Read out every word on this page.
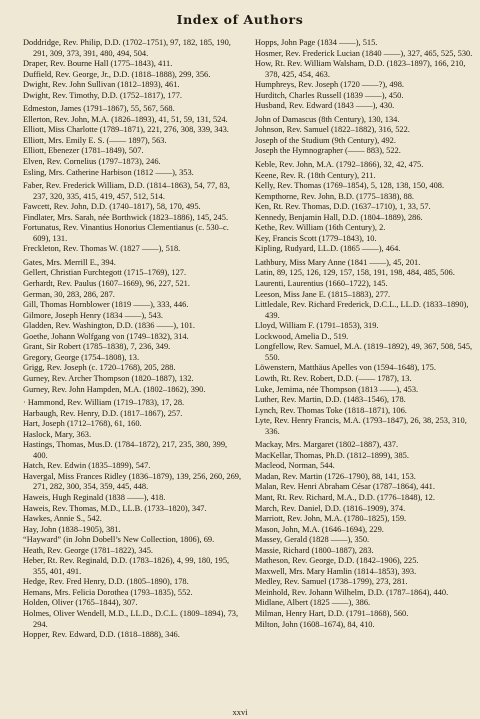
Index of Authors

Doddridge, Rev. Philip, D.D. (1702–1751), 97, 182, 185, 190, 291, 309, 373, 391, 480, 494, 504.

Draper, Rev. Bourne Hall (1775–1843), 411.

Duffield, Rev. George, Jr., D.D. (1818–1888), 299, 356.

Dwight, Rev. John Sullivan (1812–1893), 461.

Dwight, Rev. Timothy, D.D. (1752–1817), 177.

Edmeston, James (1791–1867), 55, 567, 568.

Ellerton, Rev. John, M.A. (1826–1893), 41, 51, 59, 131, 524.

Elliott, Miss Charlotte (1789–1871), 221, 276, 308, 339, 343.

Elliott, Mrs. Emily E. S. (—— 1897), 563.

Elliott, Ebenezer (1781–1849), 507.

Elven, Rev. Cornelius (1797–1873), 246.

Esling, Mrs. Catherine Harbison (1812 ——), 353.

Faber, Rev. Frederick William, D.D. (1814–1863), 54, 77, 83, 237, 320, 335, 415, 419, 457, 512, 514.

Fawcett, Rev. John, D.D. (1740–1817), 58, 170, 495.

Findlater, Mrs. Sarah, née Borthwick (1823–1886), 145, 245.

Fortunatus, Rev. Vinantius Honorius Clementianus (c. 530–c. 609), 131.

Freckleton, Rev. Thomas W. (1827 ——), 518.

Gates, Mrs. Merrill E., 394.

Gellert, Christian Furchtegott (1715–1769), 127.

Gerhardt, Rev. Paulus (1607–1669), 96, 227, 521.

German, 30, 283, 286, 287.

Gill, Thomas Hornblower (1819 ——), 333, 446.

Gilmore, Joseph Henry (1834 ——), 543.

Gladden, Rev. Washington, D.D. (1836 ——), 101.

Goethe, Johann Wolfgang von (1749–1832), 314.

Grant, Sir Robert (1785–1838), 7, 236, 349.

Gregory, George (1754–1808), 13.

Grigg, Rev. Joseph (c. 1720–1768), 205, 288.

Gurney, Rev. Archer Thompson (1820–1887), 132.

Gurney, Rev. John Hampden, M.A. (1802–1862), 390.

· Hammond, Rev. William (1719–1783), 17, 28.

Harbaugh, Rev. Henry, D.D. (1817–1867), 257.

Hart, Joseph (1712–1768), 61, 160.

Haslock, Mary, 363.

Hastings, Thomas, Mus.D. (1784–1872), 217, 235, 380, 399, 400.

Hatch, Rev. Edwin (1835–1899), 547.

Havergal, Miss Frances Ridley (1836–1879), 139, 256, 260, 269, 271, 282, 300, 354, 359, 445, 448.

Haweis, Hugh Reginald (1838 ——), 418.

Haweis, Rev. Thomas, M.D., LL.B. (1733–1820), 347.

Hawkes, Annie S., 542.

Hay, John (1838–1905), 381.

“Hayward” (in John Dobell’s New Collection, 1806), 69.

Heath, Rev. George (1781–1822), 345.

Heber, Rt. Rev. Reginald, D.D. (1783–1826), 4, 99, 180, 195, 355, 401, 491.

Hedge, Rev. Fred Henry, D.D. (1805–1890), 178.

Hemans, Mrs. Felicia Dorothea (1793–1835), 552.

Holden, Oliver (1765–1844), 307.

Holmes, Oliver Wendell, M.D., LL.D., D.C.L. (1809–1894), 73, 294.

Hopper, Rev. Edward, D.D. (1818–1888), 346.

Hopps, John Page (1834 ——), 515.

Hosmer, Rev. Frederick Lucian (1840 ——), 327, 465, 525, 530.

How, Rt. Rev. William Walsham, D.D. (1823–1897), 166, 210, 378, 425, 454, 463.

Humphreys, Rev. Joseph (1720 ——?), 498.

Hurditch, Charles Russell (1839 ——), 450.

Husband, Rev. Edward (1843 ——), 430.

John of Damascus (8th Century), 130, 134.

Johnson, Rev. Samuel (1822–1882), 316, 522.

Joseph of the Studium (9th Century), 492.

Joseph the Hymnographer (—— 883), 522.

Keble, Rev. John, M.A. (1792–1866), 32, 42, 475.

Keene, Rev. R. (18th Century), 211.

Kelly, Rev. Thomas (1769–1854), 5, 128, 138, 150, 408.

Kempthorne, Rev. John, B.D. (1775–1838), 88.

Ken, Rt. Rev. Thomas, D.D. (1637–1710), 1, 33, 57.

Kennedy, Benjamin Hall, D.D. (1804–1889), 286.

Kethe, Rev. William (16th Century), 2.

Key, Francis Scott (1779–1843), 10.

Kipling, Rudyard, LL.D. (1865 ——), 464.

Lathbury, Miss Mary Anne (1841 ——), 45, 201.

Latin, 89, 125, 126, 129, 157, 158, 191, 198, 484, 485, 506.

Laurenti, Laurentius (1660–1722), 145.

Leeson, Miss Jane E. (1815–1883), 277.

Littledale, Rev. Richard Frederick, D.C.L., LL.D. (1833–1890), 439.

Lloyd, William F. (1791–1853), 319.

Lockwood, Amelia D., 519.

Longfellow, Rev. Samuel, M.A. (1819–1892), 49, 367, 508, 545, 550.

Löwenstern, Matthäus Apelles von (1594–1648), 175.

Lowth, Rt. Rev. Robert, D.D. (—— 1787), 13.

Luke, Jemima, née Thompson (1813 ——), 453.

Luther, Rev. Martin, D.D. (1483–1546), 178.

Lynch, Rev. Thomas Toke (1818–1871), 106.

Lyte, Rev. Henry Francis, M.A. (1793–1847), 26, 38, 253, 310, 336.

Mackay, Mrs. Margaret (1802–1887), 437.

MacKellar, Thomas, Ph.D. (1812–1899), 385.

Macleod, Norman, 544.

Madan, Rev. Martin (1726–1790), 88, 141, 153.

Malan, Rev. Henri Abraham César (1787–1864), 441.

Mant, Rt. Rev. Richard, M.A., D.D. (1776–1848), 12.

March, Rev. Daniel, D.D. (1816–1909), 374.

Marriott, Rev. John, M.A. (1780–1825), 159.

Mason, John, M.A. (1646–1694), 229.

Massey, Gerald (1828 ——), 350.

Massie, Richard (1800–1887), 283.

Matheson, Rev. George, D.D. (1842–1906), 225.

Maxwell, Mrs. Mary Hamlin (1814–1853), 393.

Medley, Rev. Samuel (1738–1799), 273, 281.

Meinhold, Rev. Johann Wilhelm, D.D. (1787–1864), 440.

Midlane, Albert (1825 ——), 386.

Milman, Henry Hart, D.D. (1791–1868), 560.

Milton, John (1608–1674), 84, 410.

xxvi
